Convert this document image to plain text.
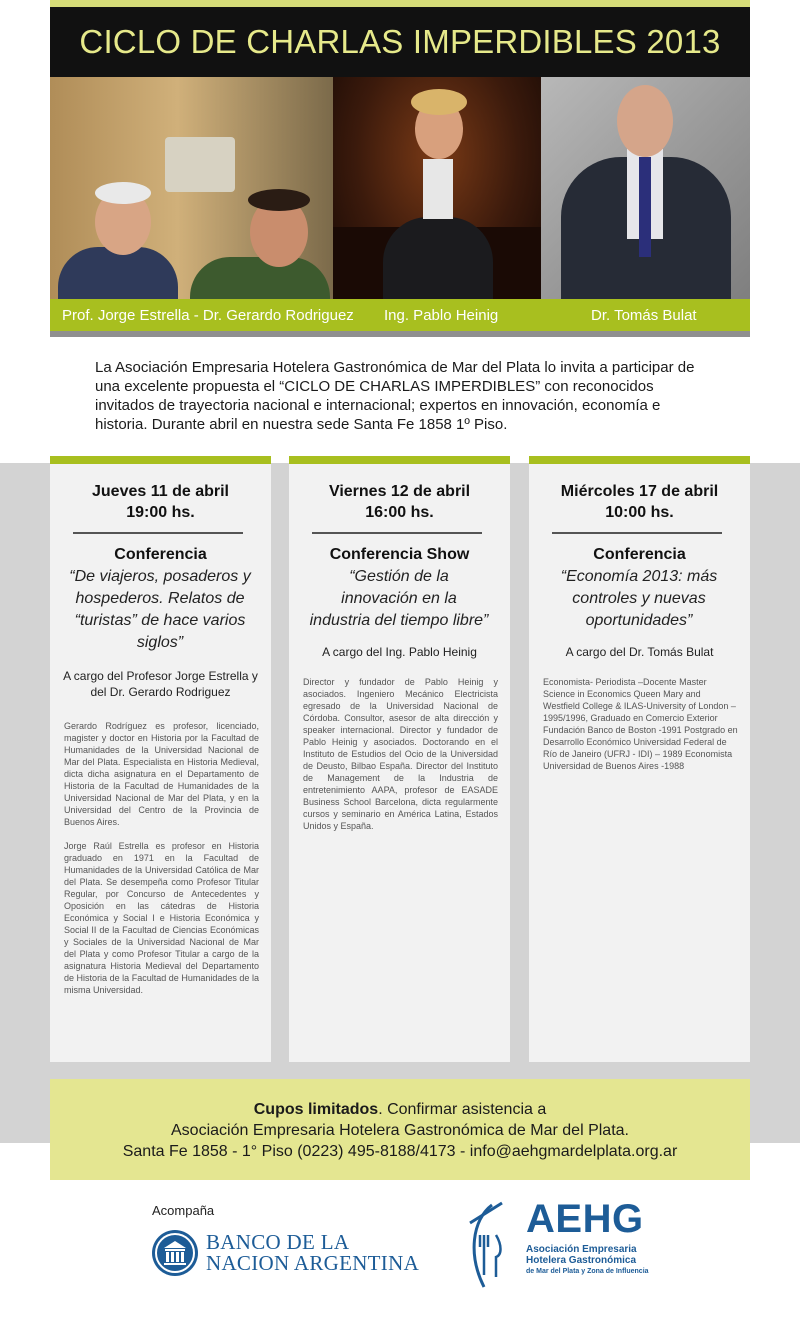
CICLO DE CHARLAS IMPERDIBLES 2013
Prof. Jorge Estrella - Dr. Gerardo Rodriguez Ing. Pablo Heinig	Dr. Tomás Bulat

La Asociación Empresaria Hotelera Gastronómica de Mar del Plata lo invita a participar de una excelente propuesta el “CICLO DE CHARLAS IMPERDIBLES” con reconocidos invitados de trayectoria nacional e internacional; expertos en innovación, economía e historia. Durante abril en nuestra sede Santa Fe 1858 1º Piso.

Jueves 11 de abril
19:00 hs.
Conferencia
“De viajeros, posaderos y hospederos. Relatos de “turistas” de hace varios siglos”
A cargo del Profesor Jorge Estrella y del Dr. Gerardo Rodriguez

Gerardo Rodríguez es profesor, licenciado, magister y doctor en Historia por la Facultad de Humanidades de la Universidad Nacional de Mar del Plata. Especialista en Historia Medieval, dicta dicha asignatura en el Departamento de Historia de la Facultad de Humanidades de la Universidad Nacional de Mar del Plata, y en la Universidad del Centro de la Provincia de Buenos Aires.

Jorge Raúl Estrella es profesor en Historia graduado en 1971 en la Facultad de Humanidades de la Universidad Católica de Mar del Plata. Se desempeña como Profesor Titular Regular, por Concurso de Antecedentes y Oposición en las cátedras de Historia Económica y Social I e Historia Económica y Social II de la Facultad de Ciencias Económicas y Sociales de la Universidad Nacional de Mar del Plata y como Profesor Titular a cargo de la asignatura Historia Medieval del Departamento de Historia de la Facultad de Humanidades de la misma Universidad.

Viernes 12 de abril
16:00 hs.
Conferencia Show
“Gestión de la innovación en la industria del tiempo libre”
A cargo del Ing. Pablo Heinig

Director y fundador de Pablo Heinig y asociados. Ingeniero Mecánico Electricista egresado de la Universidad Nacional de Córdoba. Consultor, asesor de alta dirección y speaker internacional. Director y fundador de Pablo Heinig y asociados. Doctorando en el Instituto de Estudios del Ocio de la Universidad de Deusto, Bilbao España. Director del Instituto de Management de la Industria de entretenimiento AAPA, profesor de EASADE Business School Barcelona, dicta regularmente cursos y seminario en América Latina, Estados Unidos y España.

Miércoles 17 de abril
10:00 hs.
Conferencia
“Economía 2013: más controles y nuevas oportunidades”
A cargo del Dr. Tomás Bulat

Economista- Periodista –Docente Master Science in Economics Queen Mary and Westfield College & ILAS-University of London – 1995/1996, Graduado en Comercio Exterior Fundación Banco de Boston -1991 Postgrado en Desarrollo Económico Universidad Federal de Río de Janeiro (UFRJ - IDI) – 1989 Economista Universidad de Buenos Aires -1988

Cupos limitados. Confirmar asistencia a
Asociación Empresaria Hotelera Gastronómica de Mar del Plata.
Santa Fe 1858 - 1° Piso (0223) 495-8188/4173 - info@aehgmardelplata.org.ar
Acompaña
BANCO DE LA
NACION ARGENTINA
AEHG
Asociación Empresaria
Hotelera Gastronómica
de Mar del Plata y Zona de Influencia
